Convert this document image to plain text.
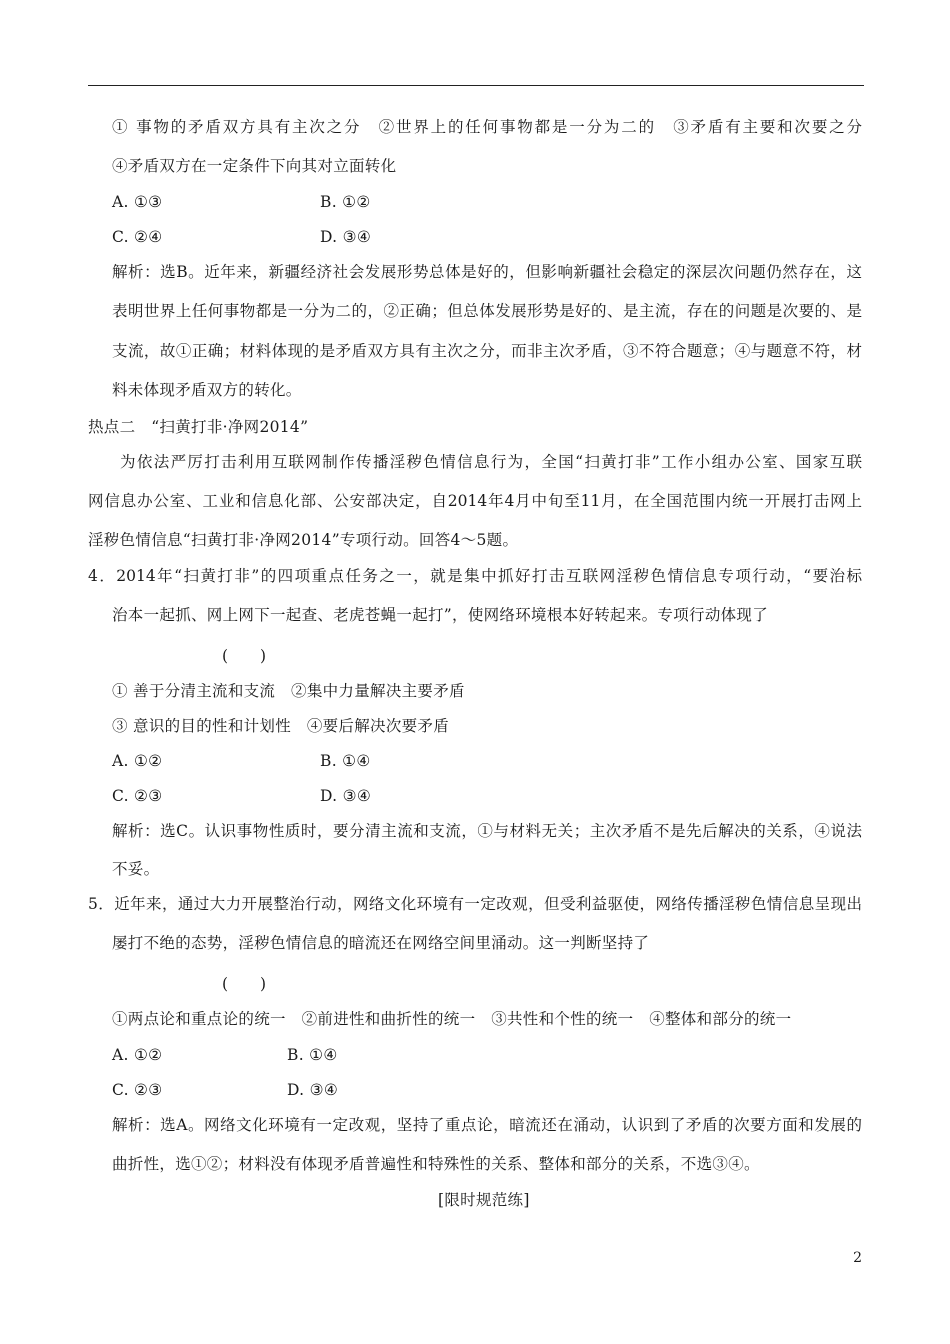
① 事物的矛盾双方具有主次之分　②世界上的任何事物都是一分为二的　③矛盾有主要和次要之分
④矛盾双方在一定条件下向其对立面转化
A. ①③	B. ①②
C. ②④	D. ③④
解析：选B。近年来，新疆经济社会发展形势总体是好的，但影响新疆社会稳定的深层次问题仍然存在，这
表明世界上任何事物都是一分为二的，②正确；但总体发展形势是好的、是主流，存在的问题是次要的、是
支流，故①正确；材料体现的是矛盾双方具有主次之分，而非主次矛盾，③不符合题意；④与题意不符，材
料未体现矛盾双方的转化。
热点二　“扫黄打非·净网2014”
为依法严厉打击利用互联网制作传播淫秽色情信息行为，全国“扫黄打非”工作小组办公室、国家互联
网信息办公室、工业和信息化部、公安部决定，自2014年4月中旬至11月，在全国范围内统一开展打击网上
淫秽色情信息“扫黄打非·净网2014”专项行动。回答4～5题。
4．2014年“扫黄打非”的四项重点任务之一，就是集中抓好打击互联网淫秽色情信息专项行动，“要治标
治本一起抓、网上网下一起查、老虎苍蝇一起打”，使网络环境根本好转起来。专项行动体现了
(　　)
① 善于分清主流和支流　②集中力量解决主要矛盾
③ 意识的目的性和计划性　④要后解决次要矛盾
A. ①②	B. ①④
C. ②③	D. ③④
解析：选C。认识事物性质时，要分清主流和支流，①与材料无关；主次矛盾不是先后解决的关系，④说法
不妥。
5．近年来，通过大力开展整治行动，网络文化环境有一定改观，但受利益驱使，网络传播淫秽色情信息呈现出
屡打不绝的态势，淫秽色情信息的暗流还在网络空间里涌动。这一判断坚持了
(　　)
①两点论和重点论的统一　②前进性和曲折性的统一　③共性和个性的统一　④整体和部分的统一
A. ①②	B. ①④
C. ②③	D. ③④
解析：选A。网络文化环境有一定改观，坚持了重点论，暗流还在涌动，认识到了矛盾的次要方面和发展的
曲折性，选①②；材料没有体现矛盾普遍性和特殊性的关系、整体和部分的关系，不选③④。
[限时规范练]
2
